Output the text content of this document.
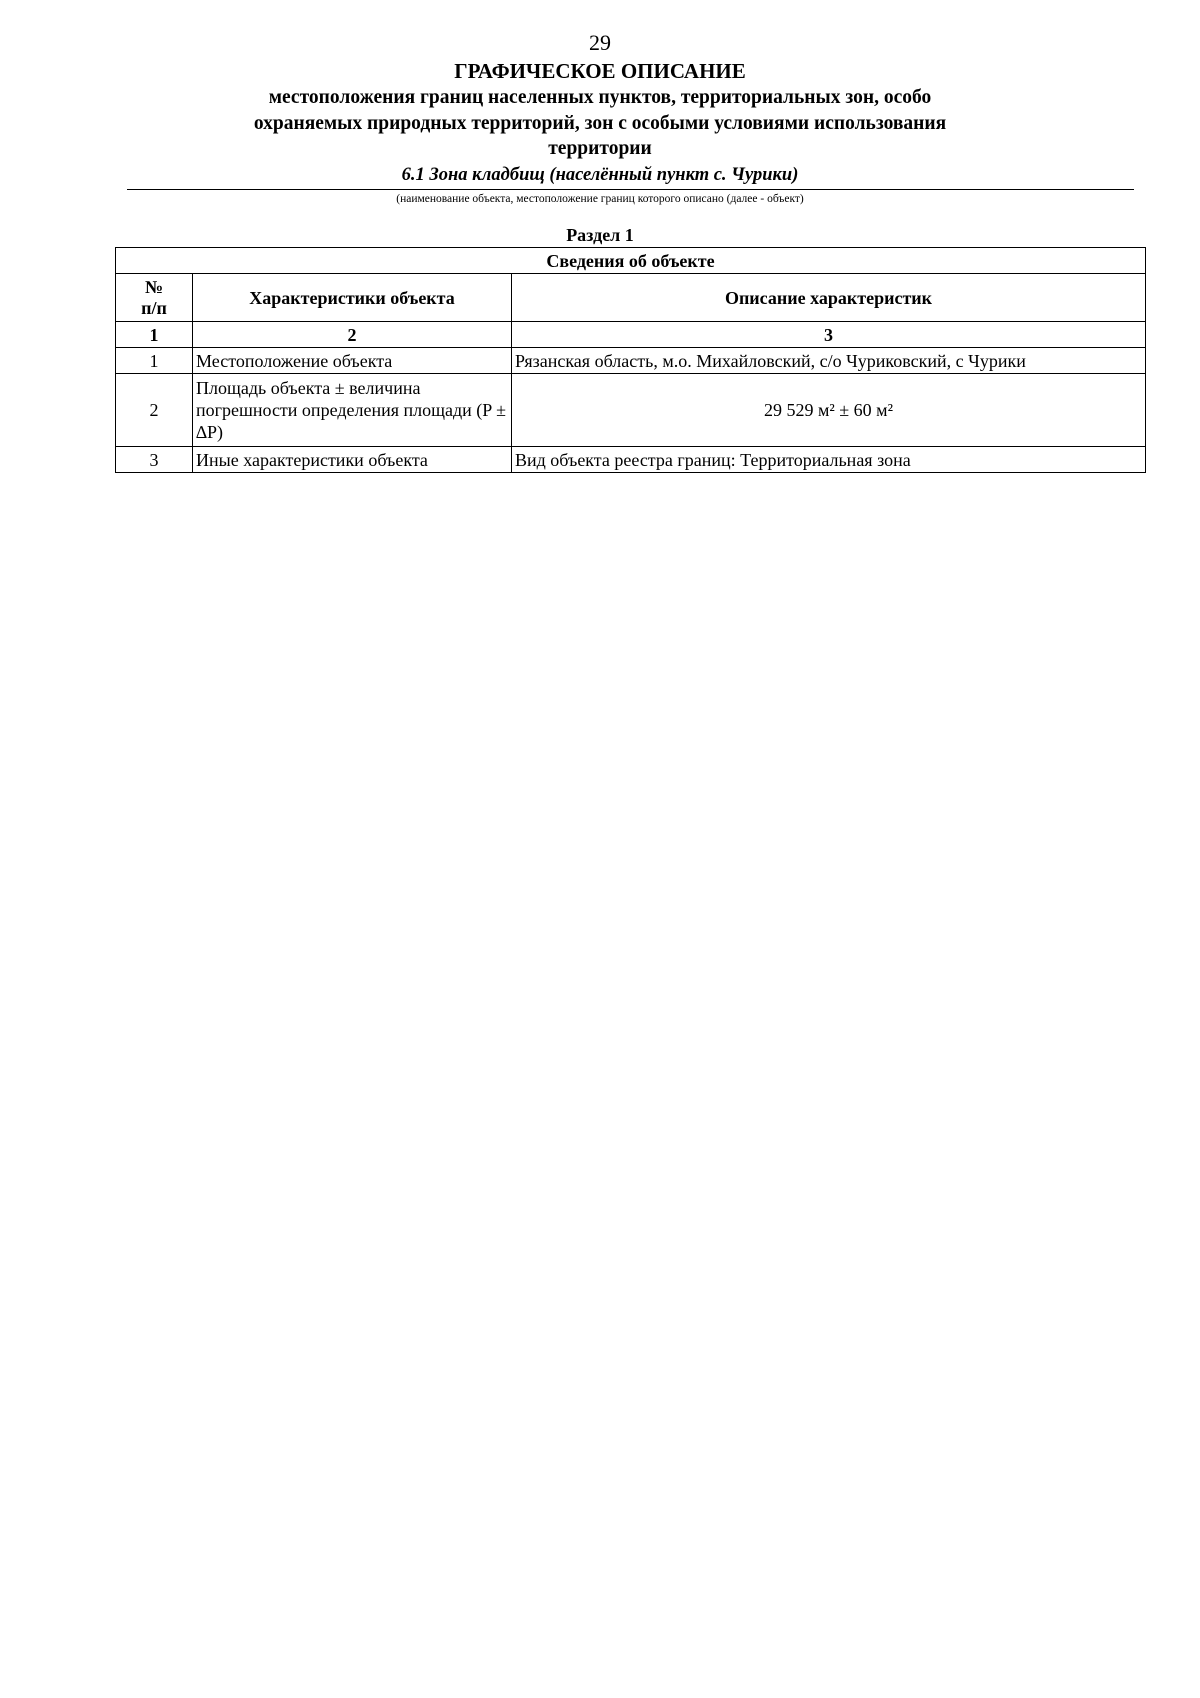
29
ГРАФИЧЕСКОЕ ОПИСАНИЕ
местоположения границ населенных пунктов, территориальных зон, особо охраняемых природных территорий, зон с особыми условиями использования территории
6.1 Зона кладбищ (населённый пункт с. Чурики)
(наименование объекта, местоположение границ которого описано (далее - объект)
Раздел 1
Сведения об объекте		
№
п/п	Характеристики объекта	Описание характеристик
1	2	3
1	Местоположение объекта	Рязанская область, м.о. Михайловский, с/о Чуриковский, с Чурики
2	Площадь объекта ± величина погрешности определения площади (P ± ∆P)	29 529 м² ± 60 м²
3	Иные характеристики объекта	Вид объекта реестра границ: Территориальная зона
